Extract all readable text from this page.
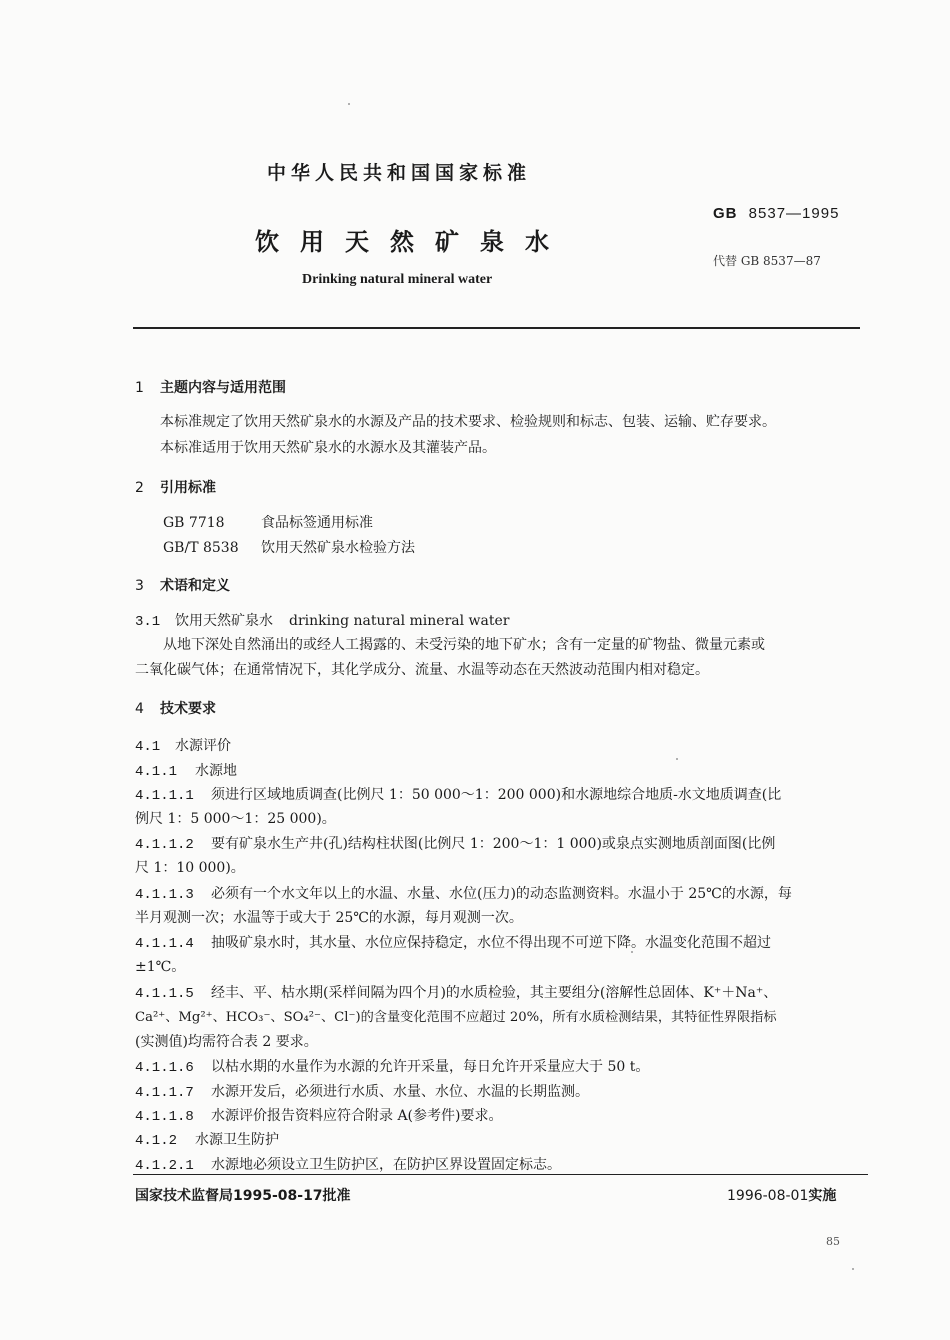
中华人民共和国国家标准
饮用天然矿泉水
Drinking natural mineral water
GB 8537—1995
代替 GB 8537—87
1 主题内容与适用范围
本标准规定了饮用天然矿泉水的水源及产品的技术要求、检验规则和标志、包装、运输、贮存要求。
本标准适用于饮用天然矿泉水的水源水及其灌装产品。
2 引用标准
GB 7718	食品标签通用标准
GB/T 8538 饮用天然矿泉水检验方法
3 术语和定义
3.1 饮用天然矿泉水 drinking natural mineral water
从地下深处自然涌出的或经人工揭露的、未受污染的地下矿水；含有一定量的矿物盐、微量元素或
二氧化碳气体；在通常情况下，其化学成分、流量、水温等动态在天然波动范围内相对稳定。
4 技术要求
4.1 水源评价
4.1.1 水源地
4.1.1.1 须进行区域地质调查(比例尺 1：50 000～1：200 000)和水源地综合地质-水文地质调查(比
例尺 1：5 000～1：25 000)。
4.1.1.2 要有矿泉水生产井(孔)结构柱状图(比例尺 1：200～1：1 000)或泉点实测地质剖面图(比例
尺 1：10 000)。
4.1.1.3 必须有一个水文年以上的水温、水量、水位(压力)的动态监测资料。水温小于 25℃的水源，每
半月观测一次；水温等于或大于 25℃的水源，每月观测一次。
4.1.1.4 抽吸矿泉水时，其水量、水位应保持稳定，水位不得出现不可逆下降。水温变化范围不超过
±1℃。
4.1.1.5 经丰、平、枯水期(采样间隔为四个月)的水质检验，其主要组分(溶解性总固体、K⁺＋Na⁺、
Ca²⁺、Mg²⁺、HCO₃⁻、SO₄²⁻、Cl⁻)的含量变化范围不应超过 20%，所有水质检测结果，其特征性界限指标
(实测值)均需符合表 2 要求。
4.1.1.6 以枯水期的水量作为水源的允许开采量，每日允许开采量应大于 50 t。
4.1.1.7 水源开发后，必须进行水质、水量、水位、水温的长期监测。
4.1.1.8 水源评价报告资料应符合附录 A(参考件)要求。
4.1.2 水源卫生防护
4.1.2.1 水源地必须设立卫生防护区，在防护区界设置固定标志。
国家技术监督局1995-08-17批准	1996-08-01实施
85
